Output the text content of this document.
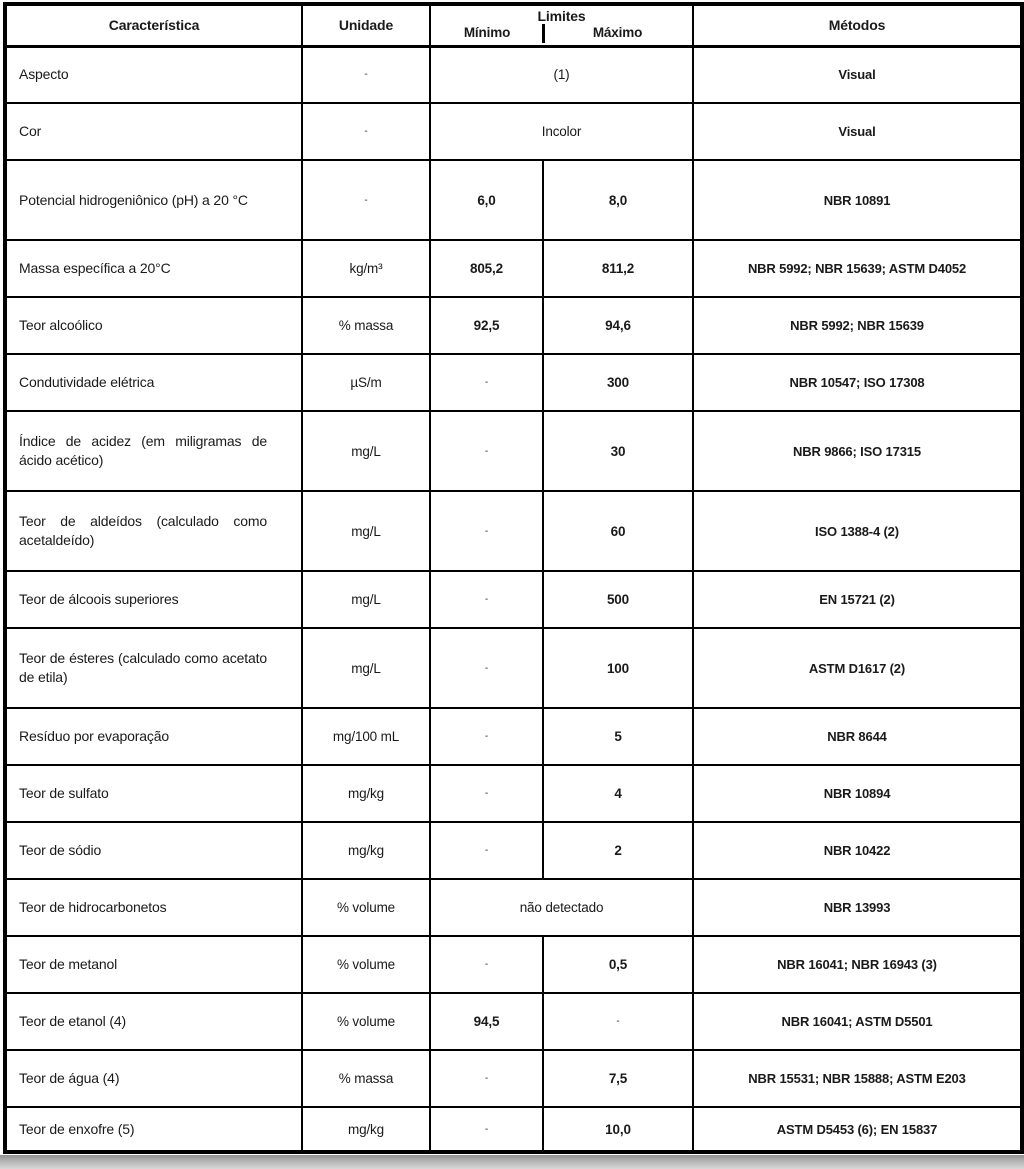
Característica	Unidade	Limites		Métodos
		Mínimo	Máximo	
Aspecto	-	(1)		Visual
Cor	-	Incolor		Visual
Potencial hidrogeniônico (pH) a 20 °C	-	6,0	8,0	NBR 10891
Massa específica a 20°C	kg/m³	805,2	811,2	NBR 5992; NBR 15639; ASTM D4052
Teor alcoólico	% massa	92,5	94,6	NBR 5992; NBR 15639
Condutividade elétrica	µS/m	-	300	NBR 10547; ISO 17308
Índice de acidez (em miligramas de ácido acético)	mg/L	-	30	NBR 9866; ISO 17315
Teor de aldeídos (calculado como acetaldeído)	mg/L	-	60	ISO 1388-4 (2)
Teor de álcoois superiores	mg/L	-	500	EN 15721 (2)
Teor de ésteres (calculado como acetato de etila)	mg/L	-	100	ASTM D1617 (2)
Resíduo por evaporação	mg/100 mL	-	5	NBR 8644
Teor de sulfato	mg/kg	-	4	NBR 10894
Teor de sódio	mg/kg	-	2	NBR 10422
Teor de hidrocarbonetos	% volume	não detectado		NBR 13993
Teor de metanol	% volume	-	0,5	NBR 16041; NBR 16943 (3)
Teor de etanol (4)	% volume	94,5	-	NBR 16041; ASTM D5501
Teor de água (4)	% massa	-	7,5	NBR 15531; NBR 15888; ASTM E203
Teor de enxofre (5)	mg/kg	-	10,0	ASTM D5453 (6); EN 15837
